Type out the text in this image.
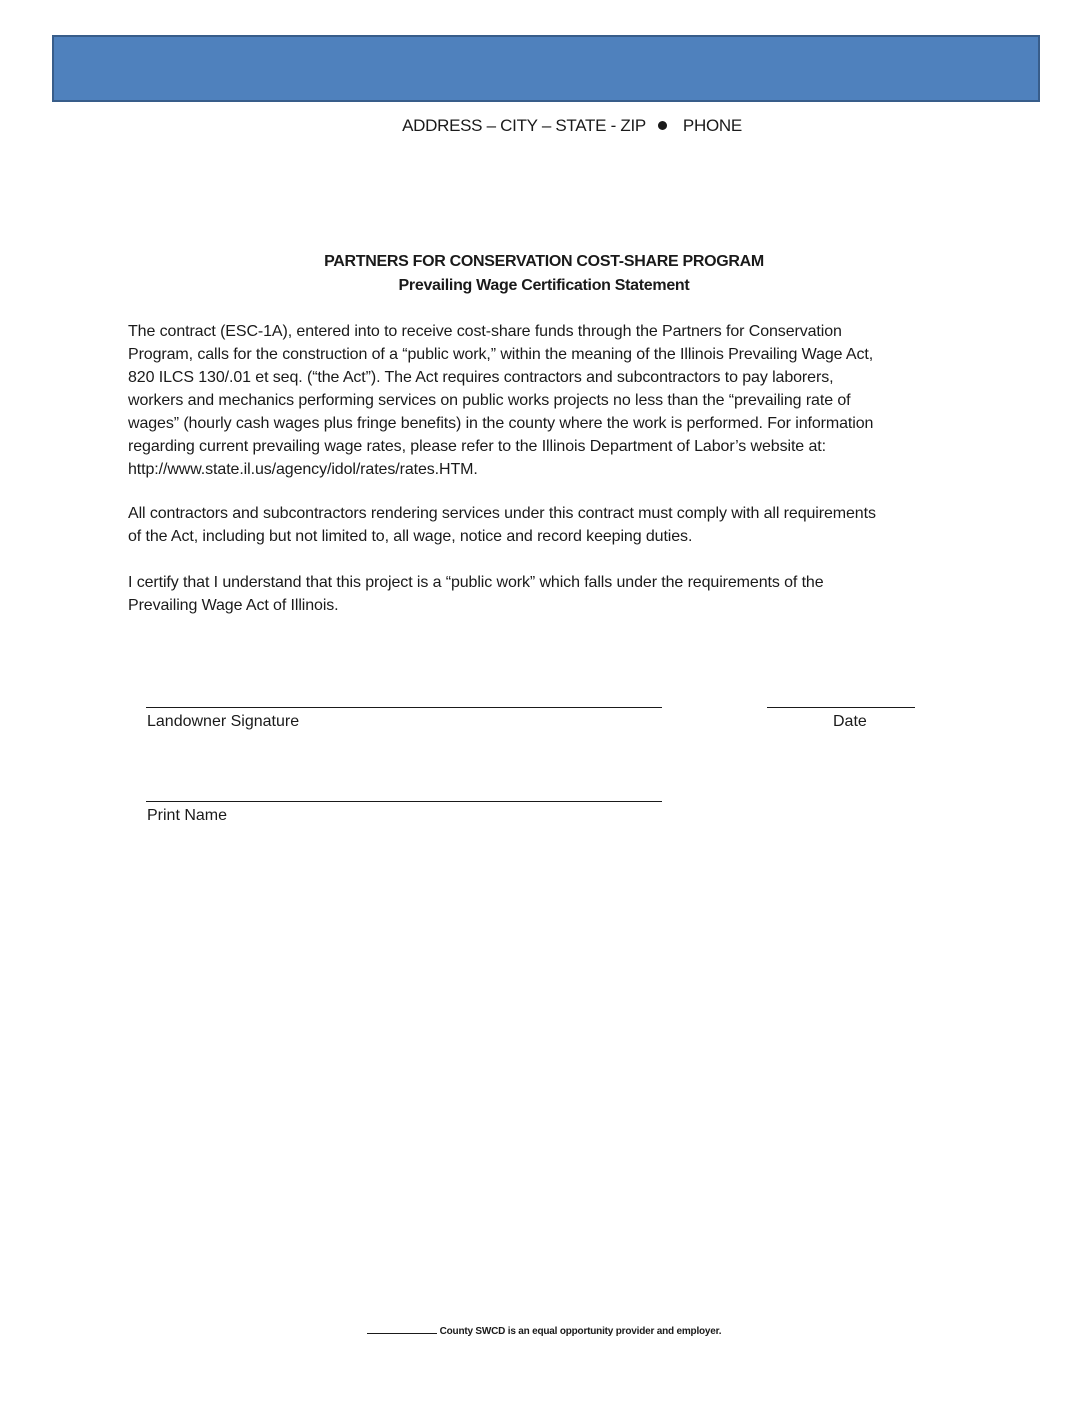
ADDRESS – CITY – STATE - ZIP PHONE
PARTNERS FOR CONSERVATION COST-SHARE PROGRAM
Prevailing Wage Certification Statement
The contract (ESC-1A), entered into to receive cost-share funds through the Partners for Conservation
Program, calls for the construction of a “public work,” within the meaning of the Illinois Prevailing Wage Act,
820 ILCS 130/.01 et seq. (“the Act”). The Act requires contractors and subcontractors to pay laborers,
workers and mechanics performing services on public works projects no less than the “prevailing rate of
wages” (hourly cash wages plus fringe benefits) in the county where the work is performed. For information
regarding current prevailing wage rates, please refer to the Illinois Department of Labor’s website at:
http://www.state.il.us/agency/idol/rates/rates.HTM.
All contractors and subcontractors rendering services under this contract must comply with all requirements
of the Act, including but not limited to, all wage, notice and record keeping duties.
I certify that I understand that this project is a “public work” which falls under the requirements of the
Prevailing Wage Act of Illinois.
Landowner Signature	Date
Print Name
County SWCD is an equal opportunity provider and employer.
